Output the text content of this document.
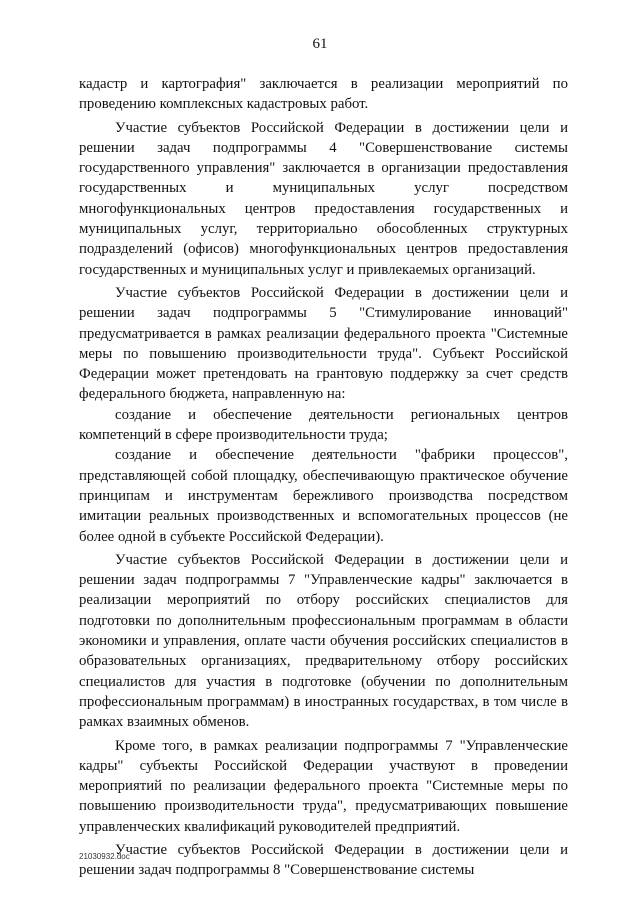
61

кадастр и картография" заключается в реализации мероприятий по проведению комплексных кадастровых работ.

Участие субъектов Российской Федерации в достижении цели и решении задач подпрограммы 4 "Совершенствование системы государственного управления" заключается в организации предоставления государственных и муниципальных услуг посредством многофункциональных центров предоставления государственных и муниципальных услуг, территориально обособленных структурных подразделений (офисов) многофункциональных центров предоставления государственных и муниципальных услуг и привлекаемых организаций.

Участие субъектов Российской Федерации в достижении цели и решении задач подпрограммы 5 "Стимулирование инноваций" предусматривается в рамках реализации федерального проекта "Системные меры по повышению производительности труда". Субъект Российской Федерации может претендовать на грантовую поддержку за счет средств федерального бюджета, направленную на:

создание и обеспечение деятельности региональных центров компетенций в сфере производительности труда;

создание и обеспечение деятельности "фабрики процессов", представляющей собой площадку, обеспечивающую практическое обучение принципам и инструментам бережливого производства посредством имитации реальных производственных и вспомогательных процессов (не более одной в субъекте Российской Федерации).

Участие субъектов Российской Федерации в достижении цели и решении задач подпрограммы 7 "Управленческие кадры" заключается в реализации мероприятий по отбору российских специалистов для подготовки по дополнительным профессиональным программам в области экономики и управления, оплате части обучения российских специалистов в образовательных организациях, предварительному отбору российских специалистов для участия в подготовке (обучении по дополнительным профессиональным программам) в иностранных государствах, в том числе в рамках взаимных обменов.

Кроме того, в рамках реализации подпрограммы 7 "Управленческие кадры" субъекты Российской Федерации участвуют в проведении мероприятий по реализации федерального проекта "Системные меры по повышению производительности труда", предусматривающих повышение управленческих квалификаций руководителей предприятий.

Участие субъектов Российской Федерации в достижении цели и решении задач подпрограммы 8 "Совершенствование системы

21030932.doc
